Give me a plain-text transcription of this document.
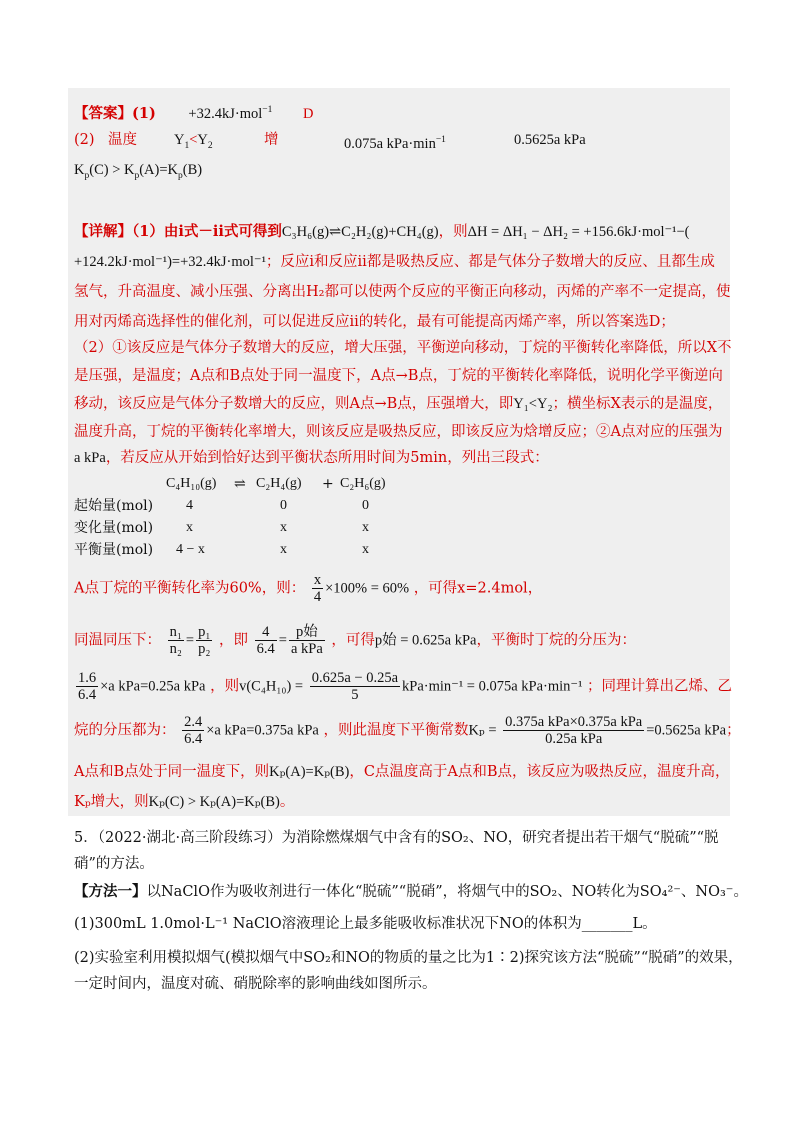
【答案】(1) +32.4kJ·mol$^{-1}$ D
(2) 温度	$Y_1<Y_2$	增	0.075a $kPa\cdot\min^{-1}$	0.5625a kPa
$K_p(C) > K_p(A)=K_p(B)$
【详解】（1）由ⅰ式－ⅱ式可得到C₃H₆(g)⇌C₂H₂(g)+CH₄(g)，则ΔH = ΔH₁ − ΔH₂ = +156.6kJ·mol⁻¹−(
+124.2kJ·mol⁻¹)=+32.4kJ·mol⁻¹；反应ⅰ和反应ⅱ都是吸热反应、都是气体分子数增大的反应、且都生成
氢气，升高温度、减小压强、分离出H₂都可以使两个反应的平衡正向移动，丙烯的产率不一定提高，使
用对丙烯高选择性的催化剂，可以促进反应ⅱ的转化，最有可能提高丙烯产率，所以答案选D；
（2）①该反应是气体分子数增大的反应，增大压强，平衡逆向移动，丁烷的平衡转化率降低，所以X不
是压强，是温度；A点和B点处于同一温度下，A点→B点，丁烷的平衡转化率降低，说明化学平衡逆向
移动，该反应是气体分子数增大的反应，则A点→B点，压强增大，即Y₁<Y₂；横坐标X表示的是温度，
温度升高，丁烷的平衡转化率增大，则该反应是吸热反应，即该反应为焓增反应；②A点对应的压强为
a kPa，若反应从开始到恰好达到平衡状态所用时间为5min，列出三段式：
C₄H₁₀(g) ⇌ C₂H₄(g) + C₂H₆(g)
起始量(mol) 4	0	0
变化量(mol) x	x	x
平衡量(mol) 4 − x	x	x
A点丁烷的平衡转化率为60%，则： $\frac{x}{4} \times 100\% = 60\%$ ，可得x=2.4mol，
同温同压下： $\frac{\text{n₁}}{\text{n₂}} = \frac{\text{p₁}}{\text{p₂}}$ ，即 $\frac{4}{6.4} = \frac{\text{p始}}{\text{a kPa}}$ ，可得p始 = 0.625a kPa，平衡时丁烷的分压为：
$\frac{1.6}{6.4} \times a$ kPa=0.25a kPa ，则$v(C_4H_{10}) = \frac{0.625a - 0.25a}{5} kPa\cdot\min^{-1} = 0.075a$ kPa·min⁻¹ ；同理计算出乙烯、乙
烷的分压都为： $\frac{2.4}{6.4} \times a$ kPa=0.375a kPa ，则此温度下平衡常数$K_p = \frac{\text{0.375a kPa×0.375a kPa}}{\text{0.25a kPa}} =0.5625a$ kPa；
A点和B点处于同一温度下，则Kₚ(A)=Kₚ(B)，C点温度高于A点和B点，该反应为吸热反应，温度升高，
Kₚ增大，则Kₚ(C) > Kₚ(A)=Kₚ(B)。
5．（2022·湖北·高三阶段练习）为消除燃煤烟气中含有的SO₂、NO，研究者提出若干烟气“脱硫”“脱
硝”的方法。
【方法一】以NaClO作为吸收剂进行一体化“脱硫”“脱硝”，将烟气中的SO₂、NO转化为SO₄²⁻、NO₃⁻。
(1)300mL 1.0mol·L⁻¹ NaClO溶液理论上最多能吸收标准状况下NO的体积为_______L。
(2)实验室利用模拟烟气(模拟烟气中SO₂和NO的物质的量之比为1∶2)探究该方法“脱硫”“脱硝”的效果，
一定时间内，温度对硫、硝脱除率的影响曲线如图所示。
